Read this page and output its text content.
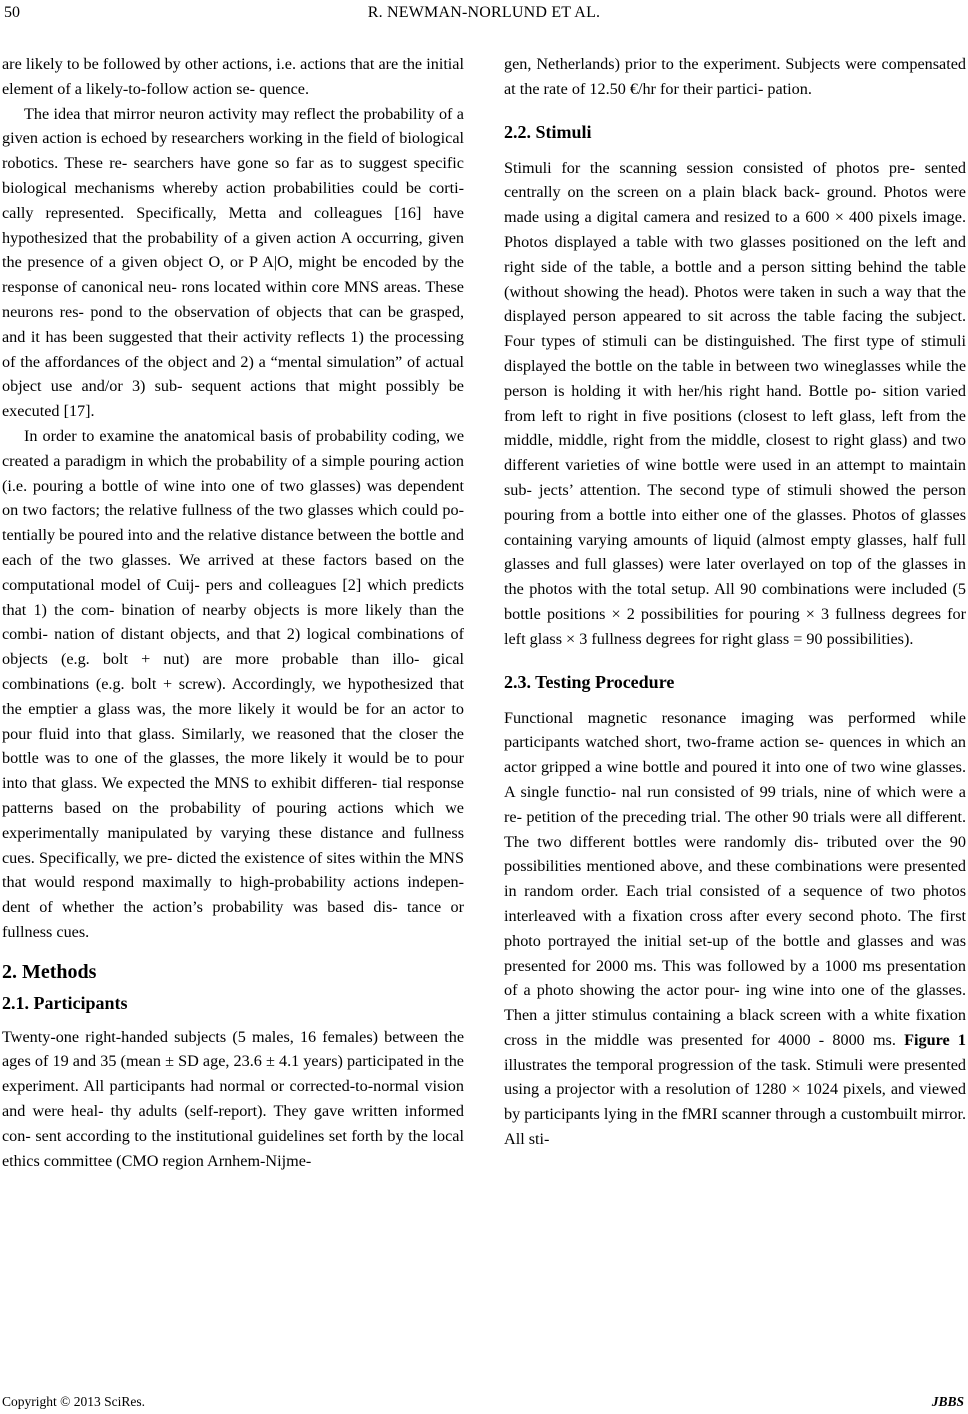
50	R. NEWMAN-NORLUND ET AL.

are likely to be followed by other actions, i.e. actions that are the initial element of a likely-to-follow action se- quence.

The idea that mirror neuron activity may reflect the probability of a given action is echoed by researchers working in the field of biological robotics. These re- searchers have gone so far as to suggest specific biological mechanisms whereby action probabilities could be corti- cally represented. Specifically, Metta and colleagues [16] have hypothesized that the probability of a given action A occurring, given the presence of a given object O, or P A|O, might be encoded by the response of canonical neu- rons located within core MNS areas. These neurons res- pond to the observation of objects that can be grasped, and it has been suggested that their activity reflects 1) the processing of the affordances of the object and 2) a “mental simulation” of actual object use and/or 3) sub- sequent actions that might possibly be executed [17].

In order to examine the anatomical basis of probability coding, we created a paradigm in which the probability of a simple pouring action (i.e. pouring a bottle of wine into one of two glasses) was dependent on two factors; the relative fullness of the two glasses which could po- tentially be poured into and the relative distance between the bottle and each of the two glasses. We arrived at these factors based on the computational model of Cuij- pers and colleagues [2] which predicts that 1) the com- bination of nearby objects is more likely than the combi- nation of distant objects, and that 2) logical combinations of objects (e.g. bolt + nut) are more probable than illo- gical combinations (e.g. bolt + screw). Accordingly, we hypothesized that the emptier a glass was, the more likely it would be for an actor to pour fluid into that glass. Similarly, we reasoned that the closer the bottle was to one of the glasses, the more likely it would be to pour into that glass. We expected the MNS to exhibit differen- tial response patterns based on the probability of pouring actions which we experimentally manipulated by varying these distance and fullness cues. Specifically, we pre- dicted the existence of sites within the MNS that would respond maximally to high-probability actions indepen- dent of whether the action’s probability was based dis- tance or fullness cues.

2. Methods
2.1. Participants

Twenty-one right-handed subjects (5 males, 16 females) between the ages of 19 and 35 (mean ± SD age, 23.6 ± 4.1 years) participated in the experiment. All participants had normal or corrected-to-normal vision and were heal- thy adults (self-report). They gave written informed con- sent according to the institutional guidelines set forth by the local ethics committee (CMO region Arnhem-Nijme-

gen, Netherlands) prior to the experiment. Subjects were compensated at the rate of 12.50 €/hr for their partici- pation.

2.2. Stimuli

Stimuli for the scanning session consisted of photos pre- sented centrally on the screen on a plain black back- ground. Photos were made using a digital camera and resized to a 600 × 400 pixels image. Photos displayed a table with two glasses positioned on the left and right side of the table, a bottle and a person sitting behind the table (without showing the head). Photos were taken in such a way that the displayed person appeared to sit across the table facing the subject. Four types of stimuli can be distinguished. The first type of stimuli displayed the bottle on the table in between two wineglasses while the person is holding it with her/his right hand. Bottle po- sition varied from left to right in five positions (closest to left glass, left from the middle, middle, right from the middle, closest to right glass) and two different varieties of wine bottle were used in an attempt to maintain sub- jects’ attention. The second type of stimuli showed the person pouring from a bottle into either one of the glasses. Photos of glasses containing varying amounts of liquid (almost empty glasses, half full glasses and full glasses) were later overlayed on top of the glasses in the photos with the total setup. All 90 combinations were included (5 bottle positions × 2 possibilities for pouring × 3 fullness degrees for left glass × 3 fullness degrees for right glass = 90 possibilities).

2.3. Testing Procedure

Functional magnetic resonance imaging was performed while participants watched short, two-frame action se- quences in which an actor gripped a wine bottle and poured it into one of two wine glasses. A single functio- nal run consisted of 99 trials, nine of which were a re- petition of the preceding trial. The other 90 trials were all different. The two different bottles were randomly dis- tributed over the 90 possibilities mentioned above, and these combinations were presented in random order. Each trial consisted of a sequence of two photos interleaved with a fixation cross after every second photo. The first photo portrayed the initial set-up of the bottle and glasses and was presented for 2000 ms. This was followed by a 1000 ms presentation of a photo showing the actor pour- ing wine into one of the glasses. Then a jitter stimulus containing a black screen with a white fixation cross in the middle was presented for 4000 - 8000 ms. Figure 1 illustrates the temporal progression of the task. Stimuli were presented using a projector with a resolution of 1280 × 1024 pixels, and viewed by participants lying in the fMRI scanner through a custombuilt mirror. All sti-

Copyright © 2013 SciRes.	JBBS
